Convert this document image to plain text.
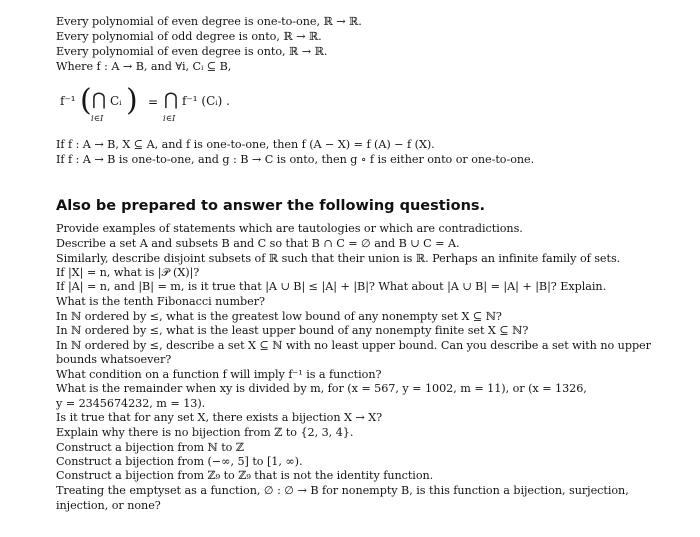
Every polynomial of even degree is one-to-one, ℝ → ℝ.
Every polynomial of odd degree is onto, ℝ → ℝ.
Every polynomial of even degree is onto, ℝ → ℝ.
Where f : A → B, and ∀i, Cᵢ ⊆ B,
f⁻¹ ( ⋂ Cᵢ )
i∈I
= ⋂
i∈I
f⁻¹ (Cᵢ) .
If f : A → B, X ⊆ A, and f is one-to-one, then f (A − X) = f (A) − f (X).
If f : A → B is one-to-one, and g : B → C is onto, then g ∘ f is either onto or one-to-one.
Also be prepared to answer the following questions.
Provide examples of statements which are tautologies or which are contradictions.
Describe a set A and subsets B and C so that B ∩ C = ∅ and B ∪ C = A.
Similarly, describe disjoint subsets of ℝ such that their union is ℝ. Perhaps an infinite family of sets.
If |X| = n, what is |𝒫 (X)|?
If |A| = n, and |B| = m, is it true that |A ∪ B| ≤ |A| + |B|? What about |A ∪ B| = |A| + |B|? Explain.
What is the tenth Fibonacci number?
In ℕ ordered by ≤, what is the greatest low bound of any nonempty set X ⊆ ℕ?
In ℕ ordered by ≤, what is the least upper bound of any nonempty finite set X ⊆ ℕ?
In ℕ ordered by ≤, describe a set X ⊆ ℕ with no least upper bound. Can you describe a set with no upper
bounds whatsoever?
What condition on a function f will imply f⁻¹ is a function?
What is the remainder when xy is divided by m, for (x = 567, y = 1002, m = 11), or (x = 1326,
y = 2345674232, m = 13).
Is it true that for any set X, there exists a bijection X → X?
Explain why there is no bijection from ℤ to {2, 3, 4}.
Construct a bijection from ℕ to ℤ
Construct a bijection from (−∞, 5] to [1, ∞).
Construct a bijection from ℤ₉ to ℤ₉ that is not the identity function.
Treating the emptyset as a function, ∅ : ∅ → B for nonempty B, is this function a bijection, surjection,
injection, or none?
